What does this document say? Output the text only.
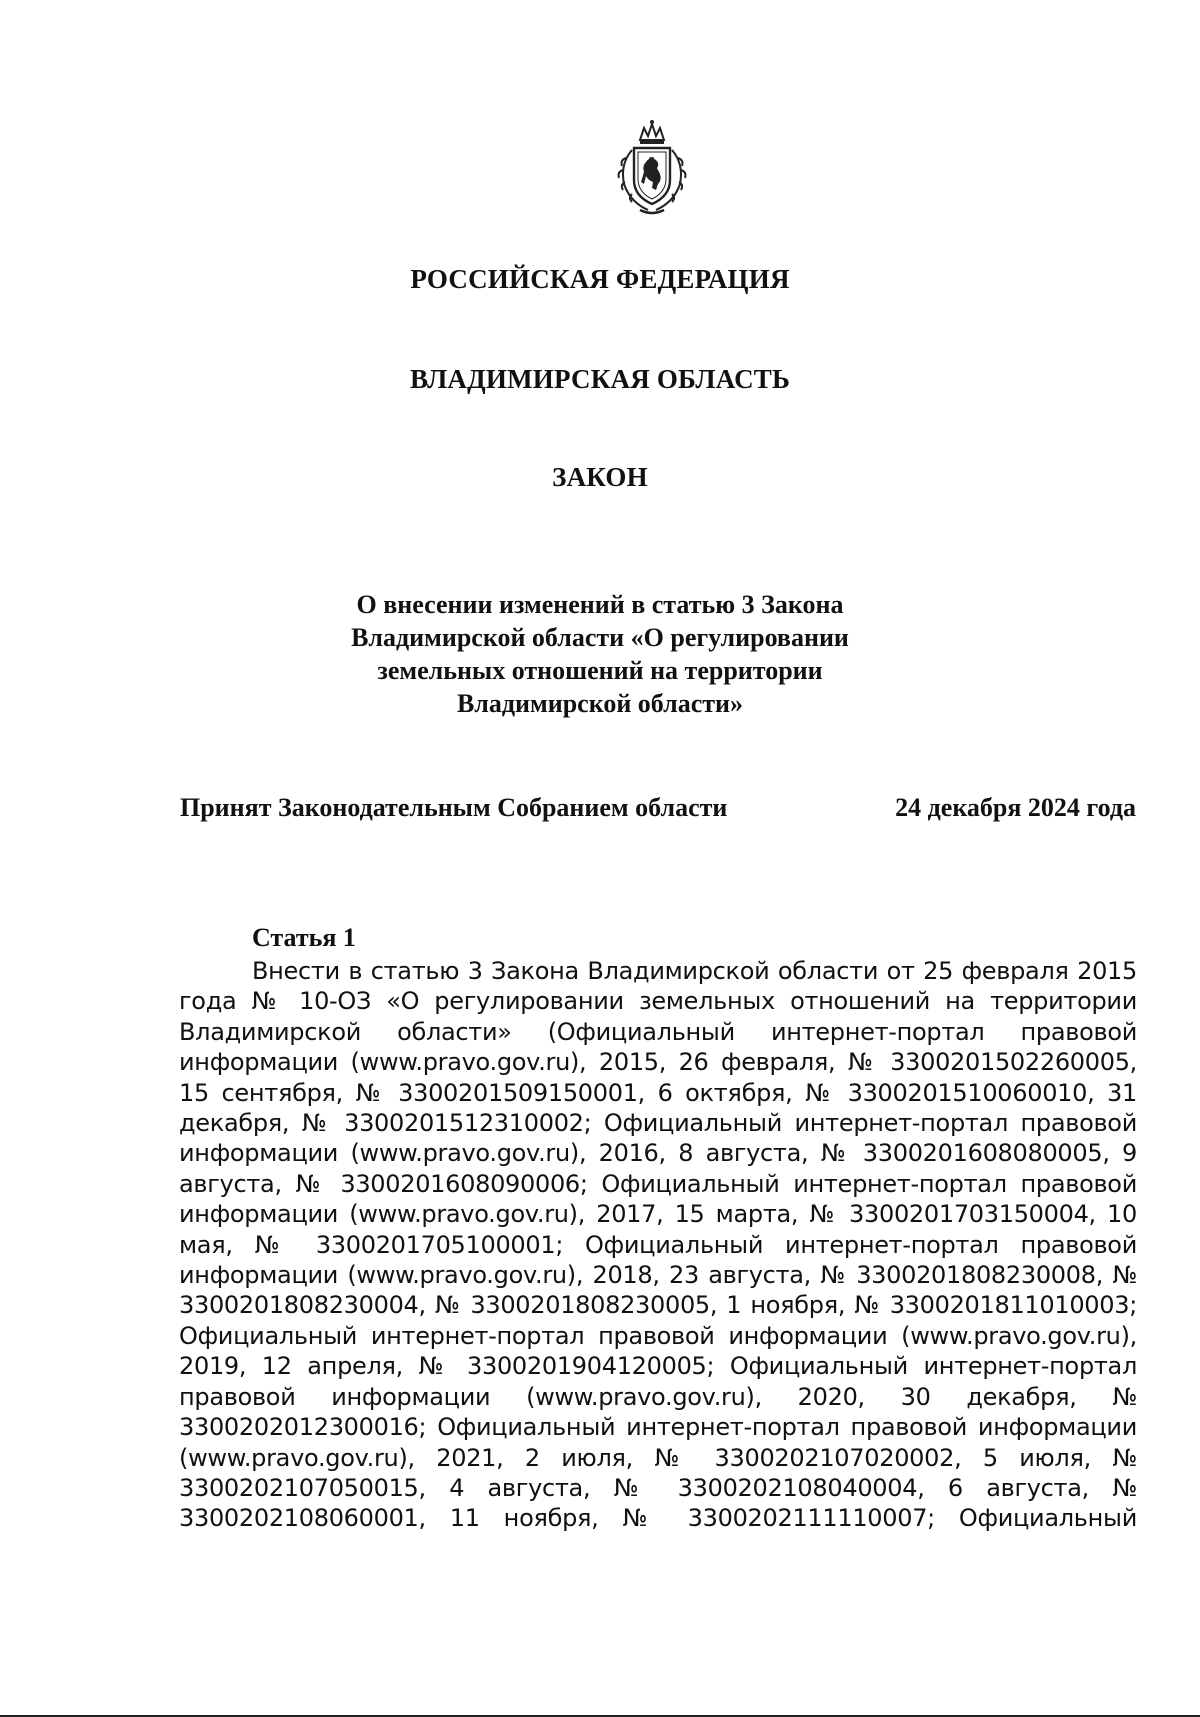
РОССИЙСКАЯ ФЕДЕРАЦИЯ
ВЛАДИМИРСКАЯ ОБЛАСТЬ
ЗАКОН
О внесении изменений в статью 3 Закона
Владимирской области «О регулировании
земельных отношений на территории
Владимирской области»
Принят Законодательным Собранием области	24 декабря 2024 года
Статья 1
Внести в статью 3 Закона Владимирской области от 25 февраля 2015 года № 10-ОЗ «О регулировании земельных отношений на территории Владимирской области» (Официальный интернет-портал правовой информации (www.pravo.gov.ru), 2015, 26 февраля, № 3300201502260005, 15 сентября, № 3300201509150001, 6 октября, № 3300201510060010, 31 декабря, № 3300201512310002; Официальный интернет-портал правовой информации (www.pravo.gov.ru), 2016, 8 августа, № 3300201608080005, 9 августа, № 3300201608090006; Официальный интернет-портал правовой информации (www.pravo.gov.ru), 2017, 15 марта, № 3300201703150004, 10 мая, № 3300201705100001; Официальный интернет-портал правовой информации (www.pravo.gov.ru), 2018, 23 августа, № 3300201808230008, № 3300201808230004, № 3300201808230005, 1 ноября, № 3300201811010003; Официальный интернет-портал правовой информации (www.pravo.gov.ru), 2019, 12 апреля, № 3300201904120005; Официальный интернет-портал правовой информации (www.pravo.gov.ru), 2020, 30 декабря, № 3300202012300016; Официальный интернет-портал правовой информации (www.pravo.gov.ru), 2021, 2 июля, № 3300202107020002, 5 июля, № 3300202107050015, 4 августа, № 3300202108040004, 6 августа, № 3300202108060001, 11 ноября, № 3300202111110007; Официальный
